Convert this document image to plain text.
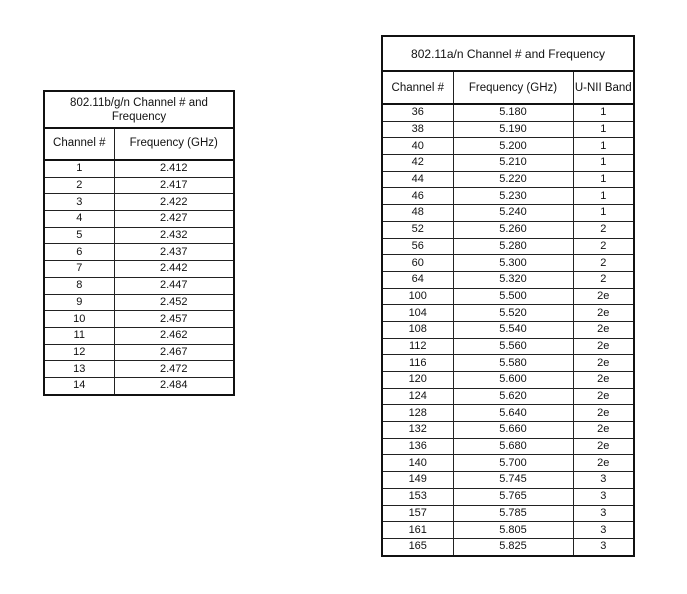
802.11b/g/n Channel # and Frequency	
Channel #	Frequency (GHz)
1	2.412
2	2.417
3	2.422
4	2.427
5	2.432
6	2.437
7	2.442
8	2.447
9	2.452
10	2.457
11	2.462
12	2.467
13	2.472
14	2.484
802.11a/n Channel # and Frequency		
Channel #	Frequency (GHz)	U-NII Band
36	5.180	1
38	5.190	1
40	5.200	1
42	5.210	1
44	5.220	1
46	5.230	1
48	5.240	1
52	5.260	2
56	5.280	2
60	5.300	2
64	5.320	2
100	5.500	2e
104	5.520	2e
108	5.540	2e
112	5.560	2e
116	5.580	2e
120	5.600	2e
124	5.620	2e
128	5.640	2e
132	5.660	2e
136	5.680	2e
140	5.700	2e
149	5.745	3
153	5.765	3
157	5.785	3
161	5.805	3
165	5.825	3
